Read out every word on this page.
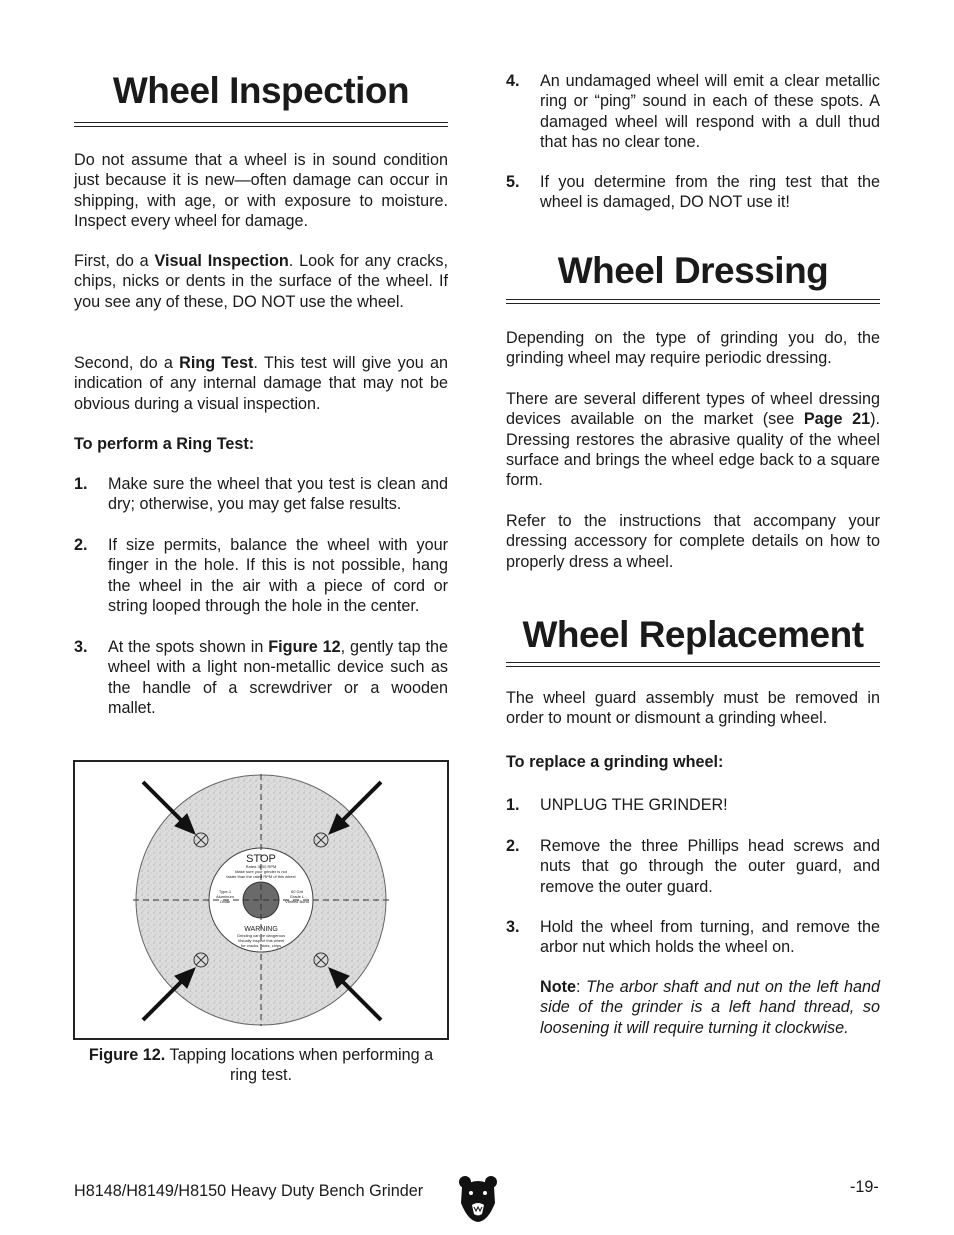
Wheel Inspection

Do not assume that a wheel is in sound condition just because it is new—often damage can occur in shipping, with age, or with exposure to moisture. Inspect every wheel for damage.

First, do a Visual Inspection. Look for any cracks, chips, nicks or dents in the surface of the wheel. If you see any of these, DO NOT use the wheel.

Second, do a Ring Test. This test will give you an indication of any internal damage that may not be obvious during a visual inspection.

To perform a Ring Test:

1. Make sure the wheel that you test is clean and dry; otherwise, you may get false results.
2. If size permits, balance the wheel with your finger in the hole. If this is not possible, hang the wheel in the air with a piece of cord or string looped through the hole in the center.
3. At the spots shown in Figure 12, gently tap the wheel with a light non-metallic device such as the handle of a screwdriver or a wooden mallet.
STOP
Rated 3600 RPM
Make sure your grinder is not
faster than the rated RPM of this wheel
Type-1
Aluminum
Oxide
60 Grit
Grade L
Vitrified Bond
WARNING
Grinding can be dangerous
Visually inspect this wheel
for cracks, nicks, chips
Figure 12. Tapping locations when performing a ring test.
4. An undamaged wheel will emit a clear metallic ring or “ping” sound in each of these spots. A damaged wheel will respond with a dull thud that has no clear tone.
5. If you determine from the ring test that the wheel is damaged, DO NOT use it!
Wheel Dressing

Depending on the type of grinding you do, the grinding wheel may require periodic dressing.

There are several different types of wheel dressing devices available on the market (see Page 21). Dressing restores the abrasive quality of the wheel surface and brings the wheel edge back to a square form.

Refer to the instructions that accompany your dressing accessory for complete details on how to properly dress a wheel.

Wheel Replacement

The wheel guard assembly must be removed in order to mount or dismount a grinding wheel.

To replace a grinding wheel:

1. UNPLUG THE GRINDER!
2. Remove the three Phillips head screws and nuts that go through the outer guard, and remove the outer guard.
3. Hold the wheel from turning, and remove the arbor nut which holds the wheel on.
Note: The arbor shaft and nut on the left hand side of the grinder is a left hand thread, so loosening it will require turning it clockwise.
H8148/H8149/H8150 Heavy Duty Bench Grinder	-19-
